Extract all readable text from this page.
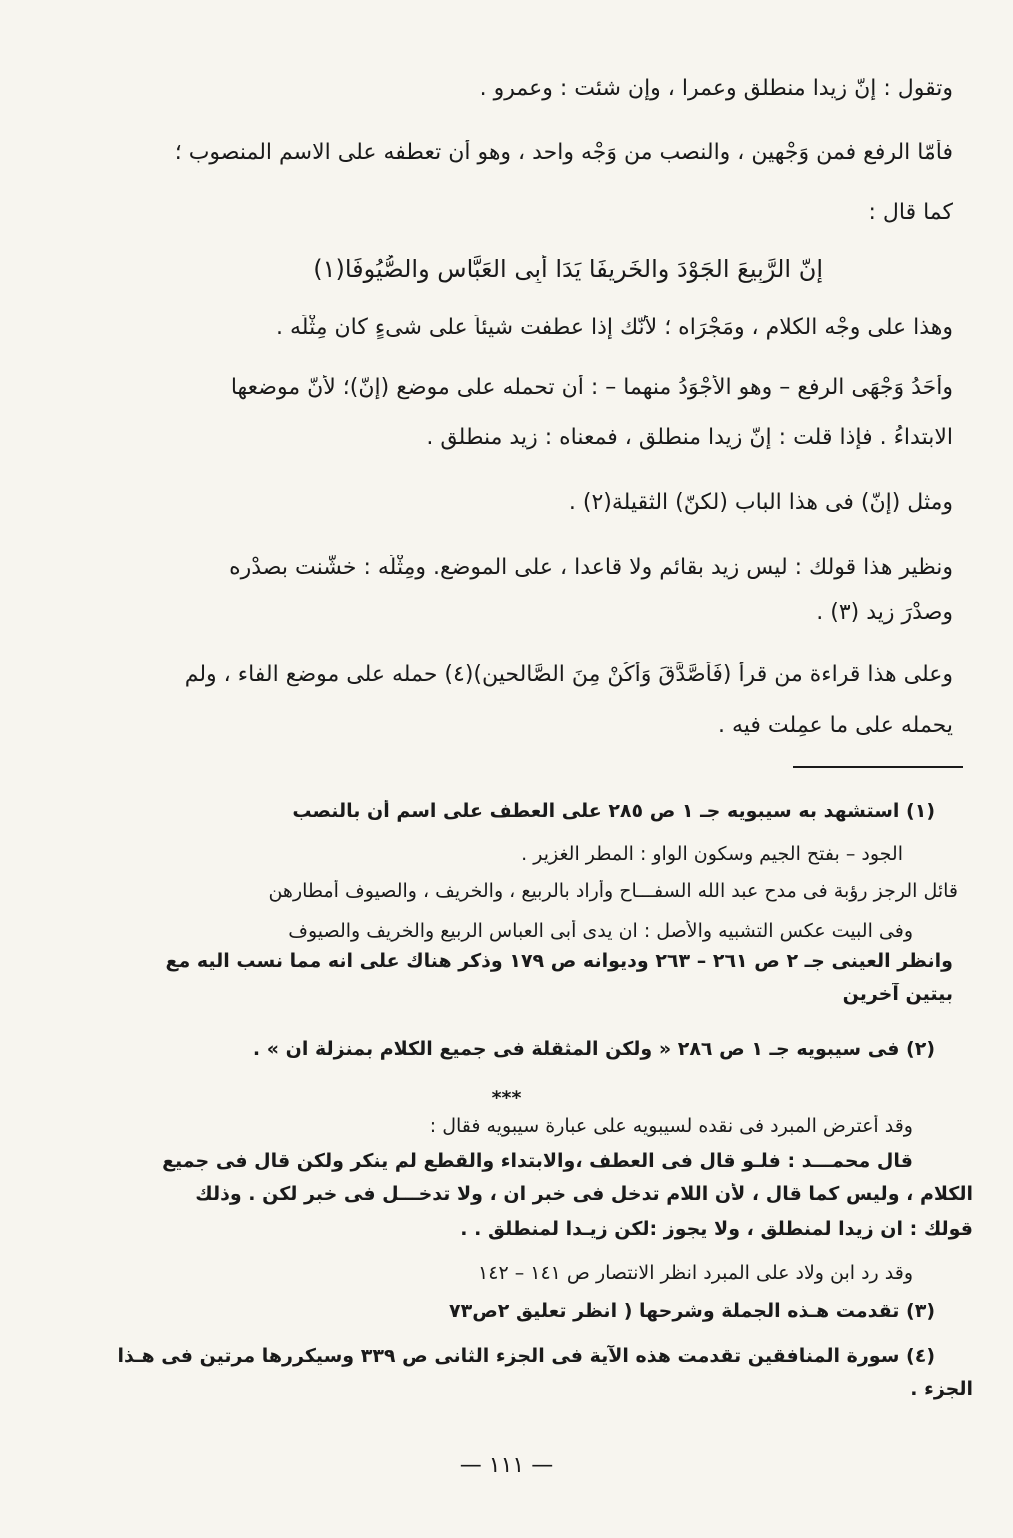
وتقول : إنّ زيدا منطلق وعمرا ، وإن شئت : وعمرو .
فأمّا الرفع فمن وَجْهين ، والنصب من وَجْه واحد ، وهو أن تعطفه على الاسم المنصوب ؛
كما قال :
إنّ الرَّبِيعَ الجَوْدَ والخَرِيفَا يَدَا أَبِى العَبَّاسِ والصُّيُوفَا(١)
وهذا على وجْه الكلام ، ومَجْرَاه ؛ لأنّك إذا عطفت شيئاً على شىءٍ كان مِثْلَه .
وأَحَدُ وَجْهَى الرفع – وهو الأَجْوَدُ منهما – : أن تحمله على موضع (إنّ)؛ لأنّ موضعها
الابتداءُ . فإذا قلت : إنّ زيدا منطلق ، فمعناه : زيد منطلق .
ومثل (إنّ) فى هذا الباب (لكنّ) الثقيلة(٢) .
ونظير هذا قولك : ليس زيد بقائم ولا قاعدا ، على الموضع. ومِثْلُه : خشّنت بصدْره
وصدْرَ زيد (٣) .
وعلى هذا قراءة من قرأ (فَأَصَّدَّقَ وَأَكُنْ مِنَ الصَّالحين)(٤) حمله على موضع الفاء ، ولم
يحمله على ما عمِلت فيه .
(١) استشهد به سيبويه جـ ١ ص ٢٨٥ على العطف على اسم أن بالنصب
الجود – بفتح الجيم وسكون الواو : المطر الغزير .
قائل الرجز رؤبة فى مدح عبد الله السفـــاح وأراد بالربيع ، والخريف ، والصيوف أمطارهن
وفى البيت عكس التشبيه والأصل : ان يدى أبى العباس الربيع والخريف والصيوف
وانظر العينى جـ ٢ ص ٢٦١ – ٢٦٣ وديوانه ص ١٧٩ وذكر هناك على انه مما نسب اليه مع
بيتين آخرين
(٢) فى سيبويه جـ ١ ص ٢٨٦ « ولكن المثقلة فى جميع الكلام بمنزلة ان » .
***
وقد أعترض المبرد فى نقده لسيبويه على عبارة سيبويه فقال :
قال محمـــد : فلـو قال فى العطف ،والابتداء والقطع لم ينكر ولكن قال فى جميع
الكلام ، وليس كما قال ، لأن اللام تدخل فى خبر ان ، ولا تدخـــل فى خبر لكن . وذلك
قولك : ان زيدا لمنطلق ، ولا يجوز :لكن زيـدا لمنطلق . .
وقد رد ابن ولاد على المبرد انظر الانتصار ص ١٤١ – ١٤٢
(٣) تقدمت هـذه الجملة وشرحها ( انظر تعليق ٢ص٧٣
(٤) سورة المنافقين تقدمت هذه الآية فى الجزء الثانى ص ٣٣٩ وسيكررها مرتين فى هـذا
الجزء .
— ١١١ —
